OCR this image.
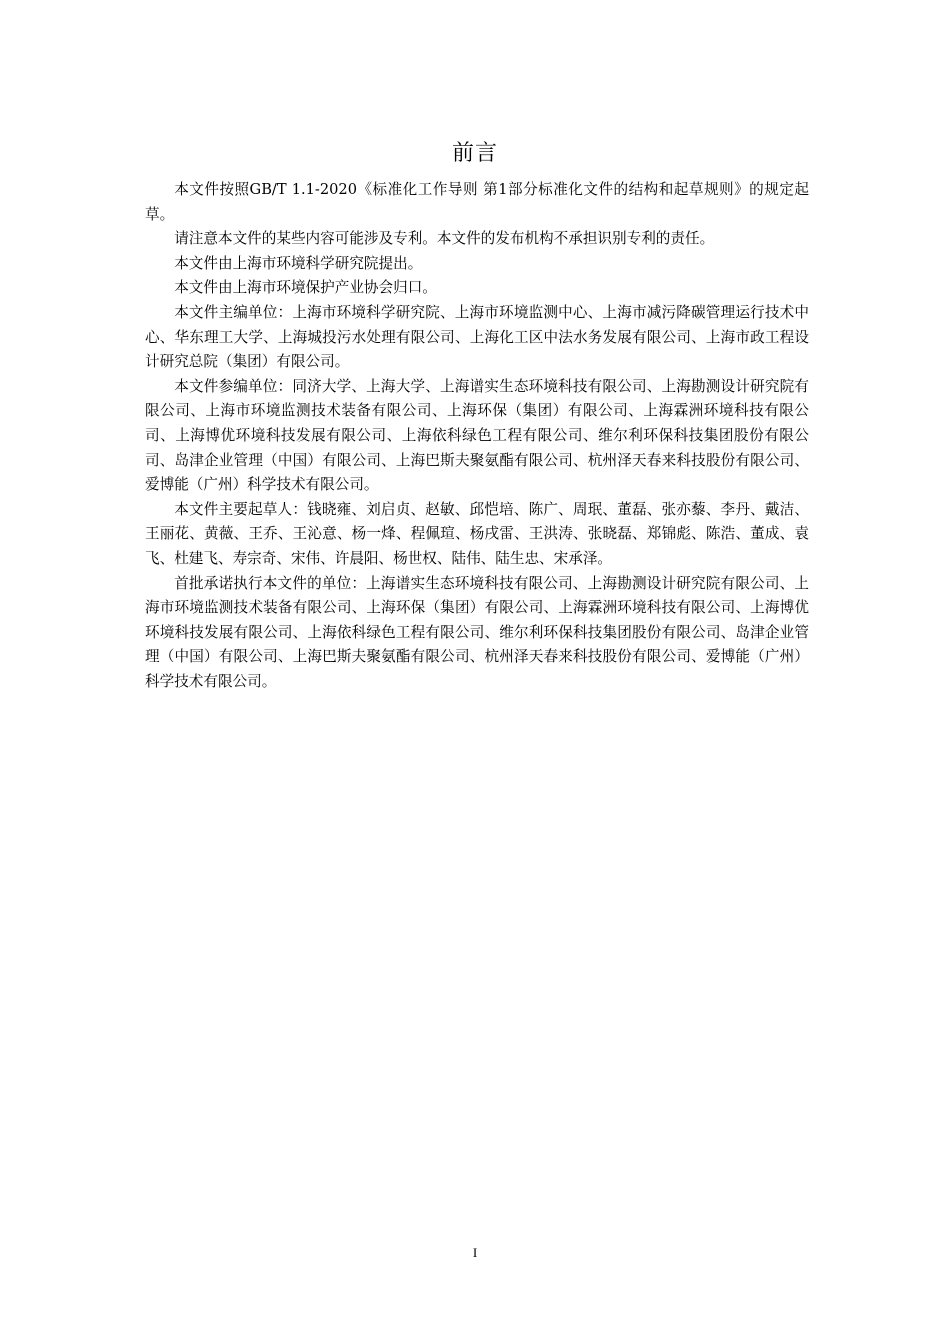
前言

本文件按照GB/T 1.1-2020《标准化工作导则 第1部分标准化文件的结构和起草规则》的规定起草。

请注意本文件的某些内容可能涉及专利。本文件的发布机构不承担识别专利的责任。

本文件由上海市环境科学研究院提出。

本文件由上海市环境保护产业协会归口。

本文件主编单位：上海市环境科学研究院、上海市环境监测中心、上海市减污降碳管理运行技术中心、华东理工大学、上海城投污水处理有限公司、上海化工区中法水务发展有限公司、上海市政工程设计研究总院（集团）有限公司。

本文件参编单位：同济大学、上海大学、上海谱实生态环境科技有限公司、上海勘测设计研究院有限公司、上海市环境监测技术装备有限公司、上海环保（集团）有限公司、上海霖洲环境科技有限公司、上海博优环境科技发展有限公司、上海依科绿色工程有限公司、维尔利环保科技集团股份有限公司、岛津企业管理（中国）有限公司、上海巴斯夫聚氨酯有限公司、杭州泽天春来科技股份有限公司、爱博能（广州）科学技术有限公司。

本文件主要起草人：钱晓雍、刘启贞、赵敏、邱恺培、陈广、周珉、董磊、张亦藜、李丹、戴洁、王丽花、黄薇、王乔、王沁意、杨一烽、程佩瑄、杨戌雷、王洪涛、张晓磊、郑锦彪、陈浩、董成、袁飞、杜建飞、寿宗奇、宋伟、许晨阳、杨世权、陆伟、陆生忠、宋承泽。

首批承诺执行本文件的单位：上海谱实生态环境科技有限公司、上海勘测设计研究院有限公司、上海市环境监测技术装备有限公司、上海环保（集团）有限公司、上海霖洲环境科技有限公司、上海博优环境科技发展有限公司、上海依科绿色工程有限公司、维尔利环保科技集团股份有限公司、岛津企业管理（中国）有限公司、上海巴斯夫聚氨酯有限公司、杭州泽天春来科技股份有限公司、爱博能（广州）科学技术有限公司。

I
